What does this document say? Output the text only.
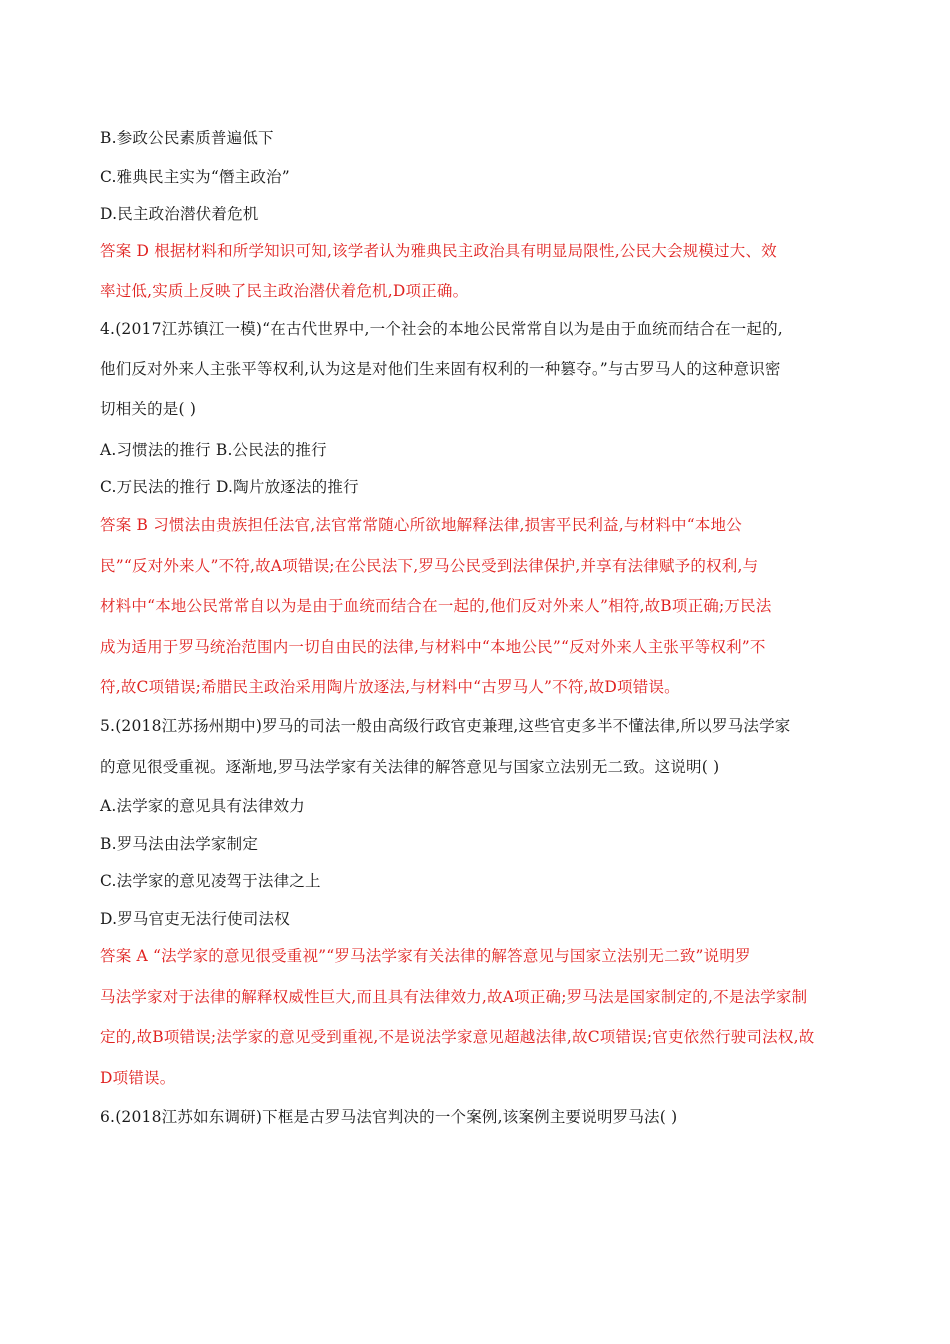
B.参政公民素质普遍低下
C.雅典民主实为“僭主政治”
D.民主政治潜伏着危机
答案 D 根据材料和所学知识可知,该学者认为雅典民主政治具有明显局限性,公民大会规模过大、效
率过低,实质上反映了民主政治潜伏着危机,D项正确。
4.(2017江苏镇江一模)“在古代世界中,一个社会的本地公民常常自以为是由于血统而结合在一起的,
他们反对外来人主张平等权利,认为这是对他们生来固有权利的一种篡夺。”与古罗马人的这种意识密
切相关的是( )
A.习惯法的推行 B.公民法的推行
C.万民法的推行 D.陶片放逐法的推行
答案 B 习惯法由贵族担任法官,法官常常随心所欲地解释法律,损害平民利益,与材料中“本地公
民”“反对外来人”不符,故A项错误;在公民法下,罗马公民受到法律保护,并享有法律赋予的权利,与
材料中“本地公民常常自以为是由于血统而结合在一起的,他们反对外来人”相符,故B项正确;万民法
成为适用于罗马统治范围内一切自由民的法律,与材料中“本地公民”“反对外来人主张平等权利”不
符,故C项错误;希腊民主政治采用陶片放逐法,与材料中“古罗马人”不符,故D项错误。
5.(2018江苏扬州期中)罗马的司法一般由高级行政官吏兼理,这些官吏多半不懂法律,所以罗马法学家
的意见很受重视。逐渐地,罗马法学家有关法律的解答意见与国家立法别无二致。这说明( )
A.法学家的意见具有法律效力
B.罗马法由法学家制定
C.法学家的意见凌驾于法律之上
D.罗马官吏无法行使司法权
答案 A “法学家的意见很受重视”“罗马法学家有关法律的解答意见与国家立法别无二致”说明罗
马法学家对于法律的解释权威性巨大,而且具有法律效力,故A项正确;罗马法是国家制定的,不是法学家制
定的,故B项错误;法学家的意见受到重视,不是说法学家意见超越法律,故C项错误;官吏依然行驶司法权,故
D项错误。
6.(2018江苏如东调研)下框是古罗马法官判决的一个案例,该案例主要说明罗马法( )
